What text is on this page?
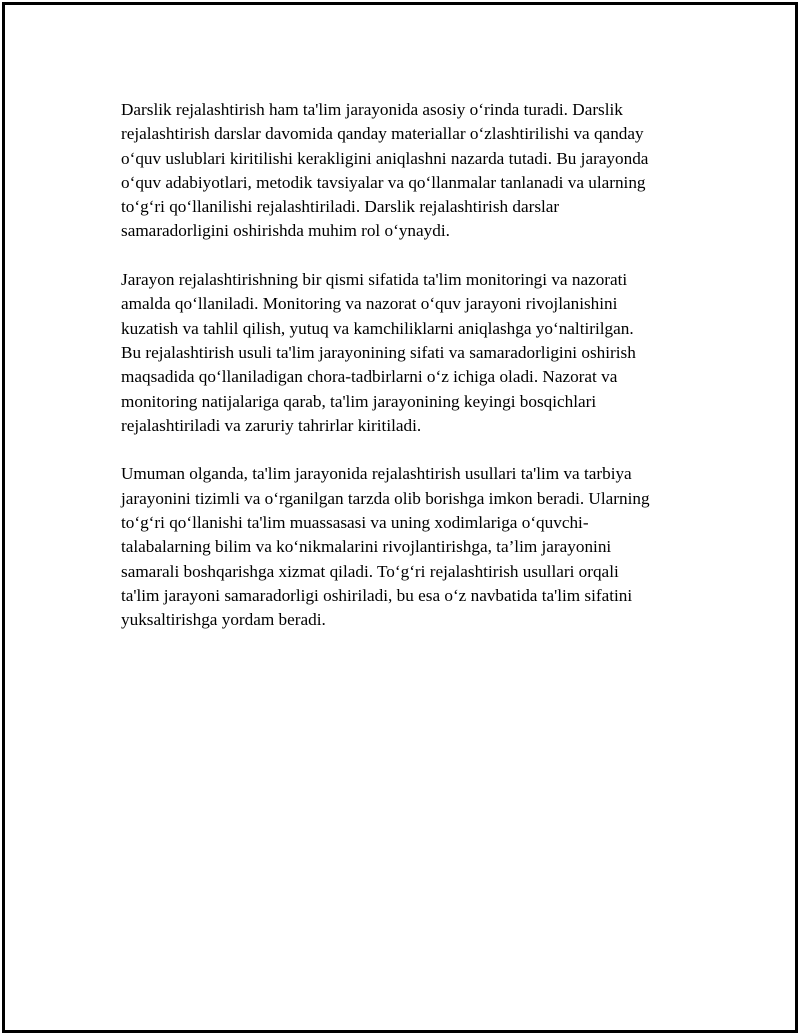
Darslik rejalashtirish ham ta'lim jarayonida asosiy o‘rinda turadi. Darslik
rejalashtirish darslar davomida qanday materiallar o‘zlashtirilishi va qanday
o‘quv uslublari kiritilishi kerakligini aniqlashni nazarda tutadi. Bu jarayonda
o‘quv adabiyotlari, metodik tavsiyalar va qo‘llanmalar tanlanadi va ularning
to‘g‘ri qo‘llanilishi rejalashtiriladi. Darslik rejalashtirish darslar
samaradorligini oshirishda muhim rol o‘ynaydi.

Jarayon rejalashtirishning bir qismi sifatida ta'lim monitoringi va nazorati
amalda qo‘llaniladi. Monitoring va nazorat o‘quv jarayoni rivojlanishini
kuzatish va tahlil qilish, yutuq va kamchiliklarni aniqlashga yo‘naltirilgan.
Bu rejalashtirish usuli ta'lim jarayonining sifati va samaradorligini oshirish
maqsadida qo‘llaniladigan chora-tadbirlarni o‘z ichiga oladi. Nazorat va
monitoring natijalariga qarab, ta'lim jarayonining keyingi bosqichlari
rejalashtiriladi va zaruriy tahrirlar kiritiladi.

Umuman olganda, ta'lim jarayonida rejalashtirish usullari ta'lim va tarbiya
jarayonini tizimli va o‘rganilgan tarzda olib borishga imkon beradi. Ularning
to‘g‘ri qo‘llanishi ta'lim muassasasi va uning xodimlariga o‘quvchi-
talabalarning bilim va ko‘nikmalarini rivojlantirishga, ta’lim jarayonini
samarali boshqarishga xizmat qiladi. To‘g‘ri rejalashtirish usullari orqali
ta'lim jarayoni samaradorligi oshiriladi, bu esa o‘z navbatida ta'lim sifatini
yuksaltirishga yordam beradi.
